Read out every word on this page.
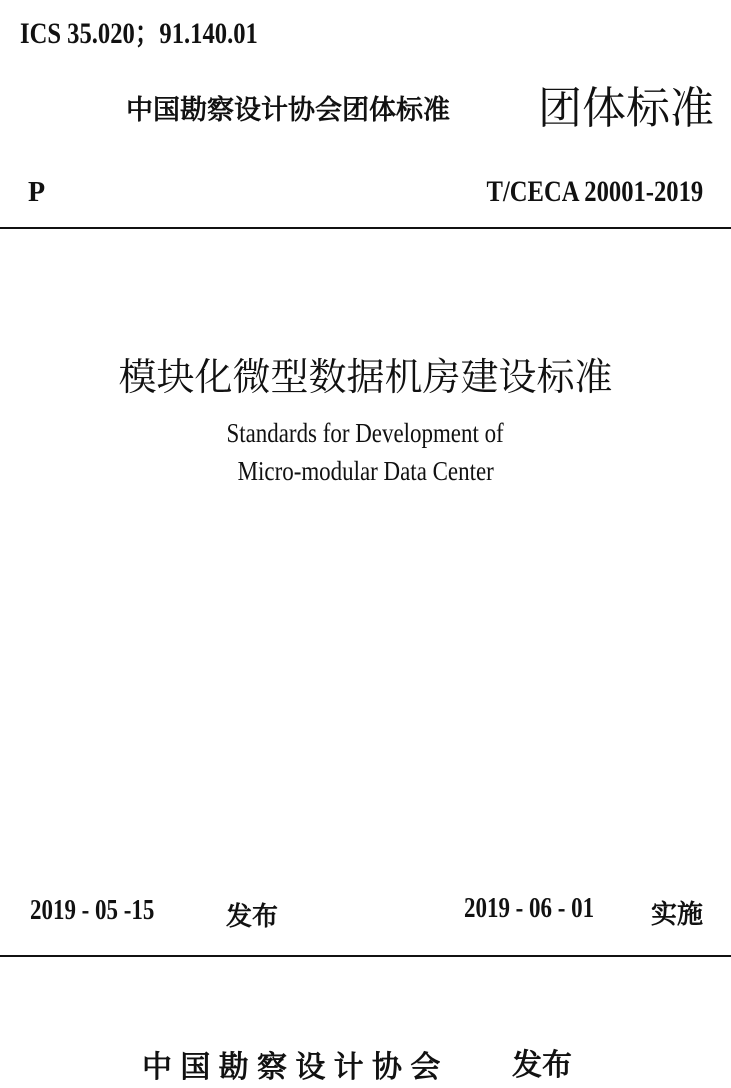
ICS 35.020；91.140.01
中国勘察设计协会团体标准 团体标准
P	T/CECA 20001-2019
模块化微型数据机房建设标准
Standards for Development of
Micro-modular Data Center
2019 - 05 -15	发布	2019 - 06 - 01	实施
中 国 勘 察 设 计 协 会 发布
